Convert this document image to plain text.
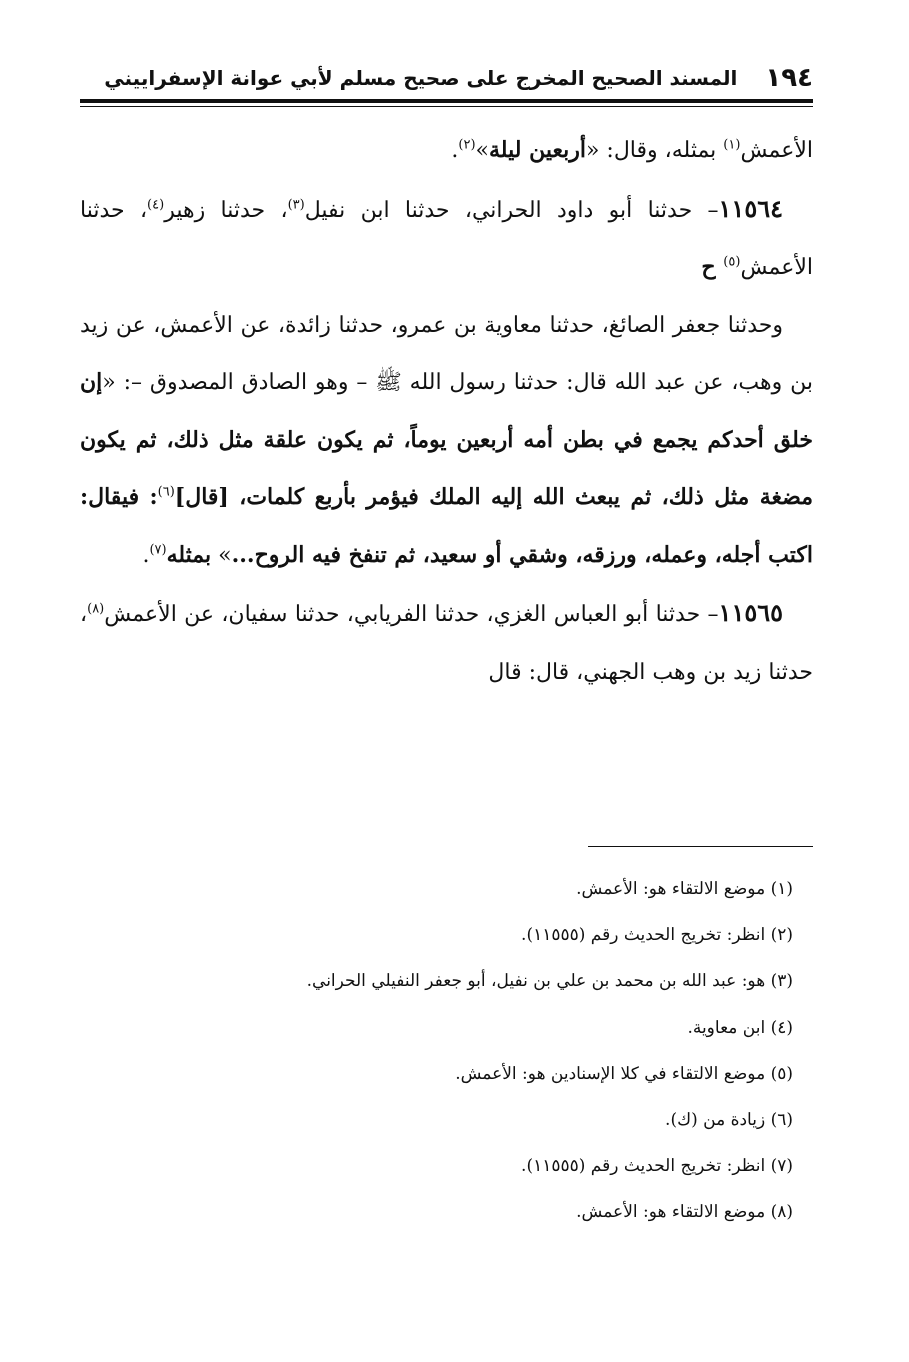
١٩٤
المسند الصحيح المخرج على صحيح مسلم لأبي عوانة الإسفراييني

الأعمش$^{(١)}$ بمثله، وقال: «أربعين ليلة»$^{(٢)}$.

١١٥٦٤– حدثنا أبو داود الحراني، حدثنا ابن نفيل$^{(٣)}$، حدثنا زهير$^{(٤)}$، حدثنا الأعمش$^{(٥)}$ ح

وحدثنا جعفر الصائغ، حدثنا معاوية بن عمرو، حدثنا زائدة، عن الأعمش، عن زيد بن وهب، عن عبد الله قال: حدثنا رسول الله ﷺ – وهو الصادق المصدوق –: «إن خلق أحدكم يجمع في بطن أمه أربعين يوماً، ثم يكون علقة مثل ذلك، ثم يكون مضغة مثل ذلك، ثم يبعث الله إليه الملك فيؤمر بأربع كلمات، [قال]$^{(٦)}$: فيقال: اكتب أجله، وعمله، ورزقه، وشقي أو سعيد، ثم تنفخ فيه الروح...» بمثله$^{(٧)}$.

١١٥٦٥– حدثنا أبو العباس الغزي، حدثنا الفريابي، حدثنا سفيان، عن الأعمش$^{(٨)}$، حدثنا زيد بن وهب الجهني، قال: قال

(١) موضع الالتقاء هو: الأعمش.
(٢) انظر: تخريج الحديث رقم (١١٥٥٥).
(٣) هو: عبد الله بن محمد بن علي بن نفيل، أبو جعفر النفيلي الحراني.
(٤) ابن معاوية.
(٥) موضع الالتقاء في كلا الإسنادين هو: الأعمش.
(٦) زيادة من (ك).
(٧) انظر: تخريج الحديث رقم (١١٥٥٥).
(٨) موضع الالتقاء هو: الأعمش.
